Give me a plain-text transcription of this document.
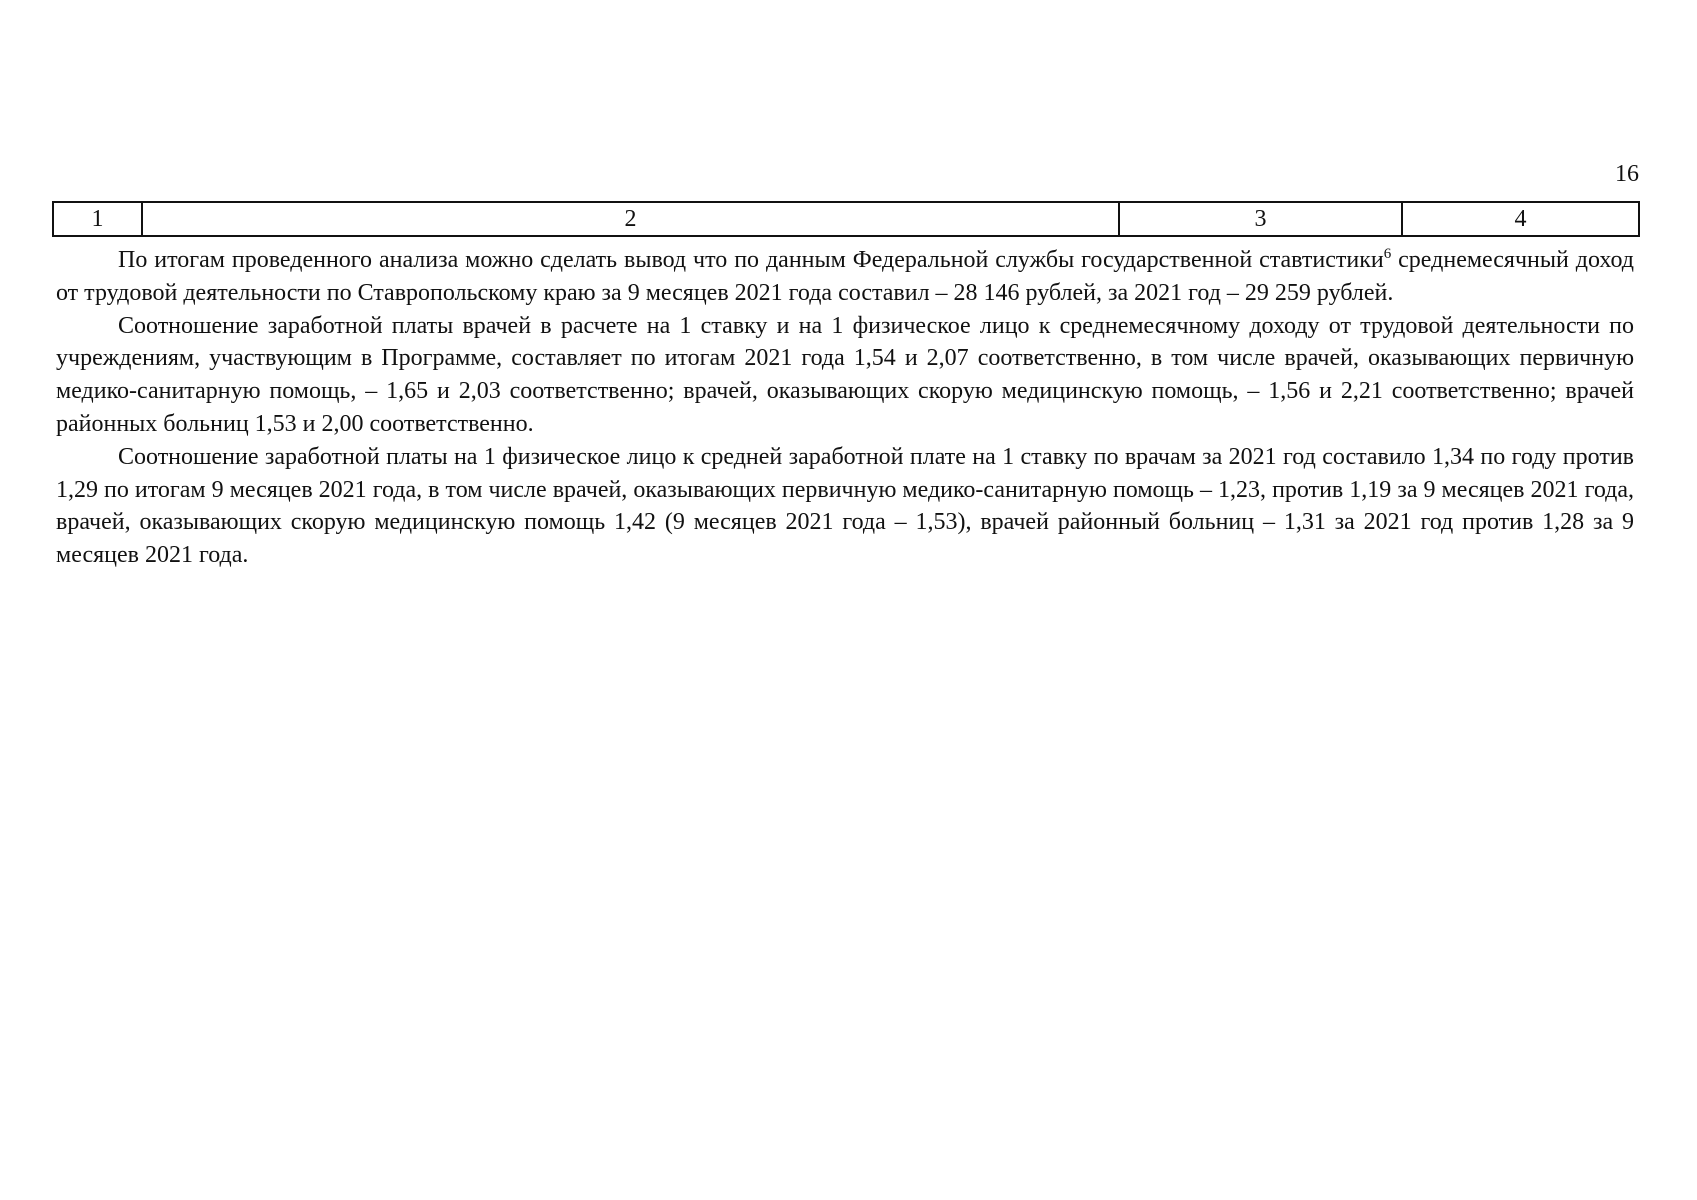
16
1	2	3	4

По итогам проведенного анализа можно сделать вывод что по данным Федеральной службы государственной ставтистики$^6$ среднемесячный доход от трудовой деятельности по Ставропольскому краю за 9 месяцев 2021 года составил – 28 146 рублей, за 2021 год – 29 259 рублей.

Соотношение заработной платы врачей в расчете на 1 ставку и на 1 физическое лицо к среднемесячному доходу от трудовой деятельности по учреждениям, участвующим в Программе, составляет по итогам 2021 года 1,54 и 2,07 соответственно, в том числе врачей, оказывающих первичную медико-санитарную помощь, – 1,65 и 2,03 соответственно; врачей, оказывающих скорую медицинскую помощь, – 1,56 и 2,21 соответственно; врачей районных больниц 1,53 и 2,00 соответственно.

Соотношение заработной платы на 1 физическое лицо к средней заработной плате на 1 ставку по врачам за 2021 год составило 1,34 по году против 1,29 по итогам 9 месяцев 2021 года, в том числе врачей, оказывающих первичную медико-санитарную помощь – 1,23, против 1,19 за 9 месяцев 2021 года, врачей, оказывающих скорую медицинскую помощь 1,42 (9 месяцев 2021 года – 1,53), врачей районный больниц – 1,31 за 2021 год против 1,28 за 9 месяцев 2021 года.
